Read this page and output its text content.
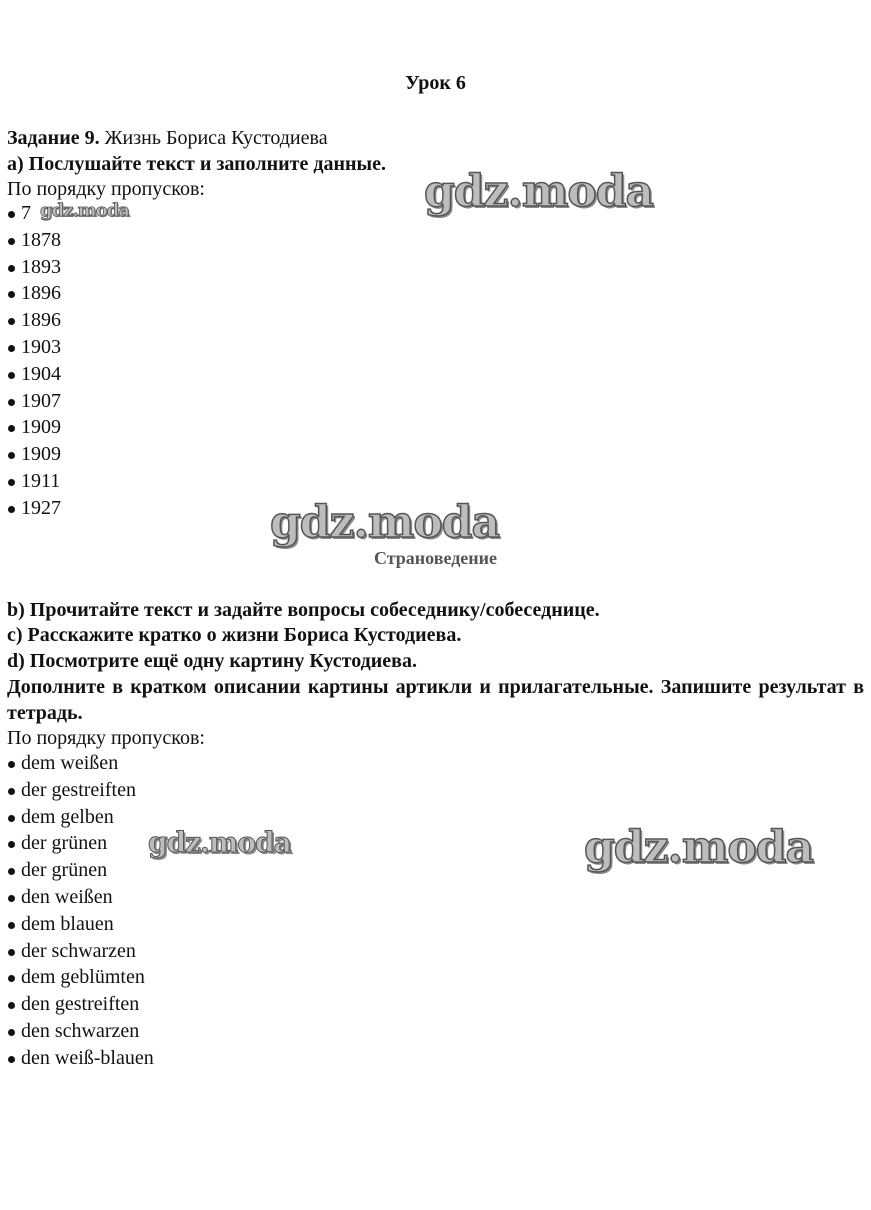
Урок 6
Задание 9. Жизнь Бориса Кустодиева
а) Послушайте текст и заполните данные.
По порядку пропусков:
7
1878
1893
1896
1896
1903
1904
1907
1909
1909
1911
1927
Страноведение
b) Прочитайте текст и задайте вопросы собеседнику/собеседнице.
c) Расскажите кратко о жизни Бориса Кустодиева.
d) Посмотрите ещё одну картину Кустодиева.
Дополните в кратком описании картины артикли и прилагательные. Запишите результат в тетрадь.
По порядку пропусков:
dem weißen
der gestreiften
dem gelben
der grünen
der grünen
den weißen
dem blauen
der schwarzen
dem geblümten
den gestreiften
den schwarzen
den weiß-blauen
gdz.moda
gdz.moda
gdz.moda
gdz.moda	gdz.moda
